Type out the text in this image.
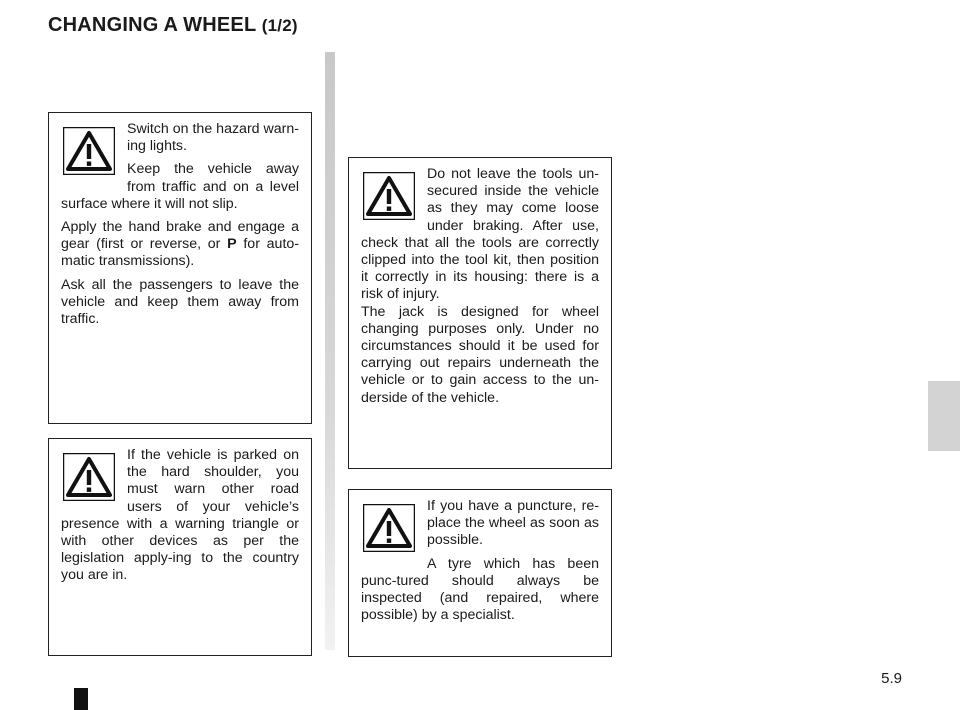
CHANGING A WHEEL (1/2)

Switch on the hazard warn-ing lights.

Keep the vehicle away from traffic and on a level surface where it will not slip.

Apply the hand brake and engage a gear (first or reverse, or P for auto-matic transmissions).

Ask all the passengers to leave the vehicle and keep them away from traffic.

If the vehicle is parked on the hard shoulder, you must warn other road users of your vehicle’s presence with a warning triangle or with other devices as per the legislation apply-ing to the country you are in.

Do not leave the tools un-secured inside the vehicle as they may come loose under braking. After use, check that all the tools are correctly clipped into the tool kit, then position it correctly in its housing: there is a risk of injury.

The jack is designed for wheel changing purposes only. Under no circumstances should it be used for carrying out repairs underneath the vehicle or to gain access to the un-derside of the vehicle.

If you have a puncture, re-place the wheel as soon as possible.

A tyre which has been punc-tured should always be inspected (and repaired, where possible) by a specialist.

5.9
